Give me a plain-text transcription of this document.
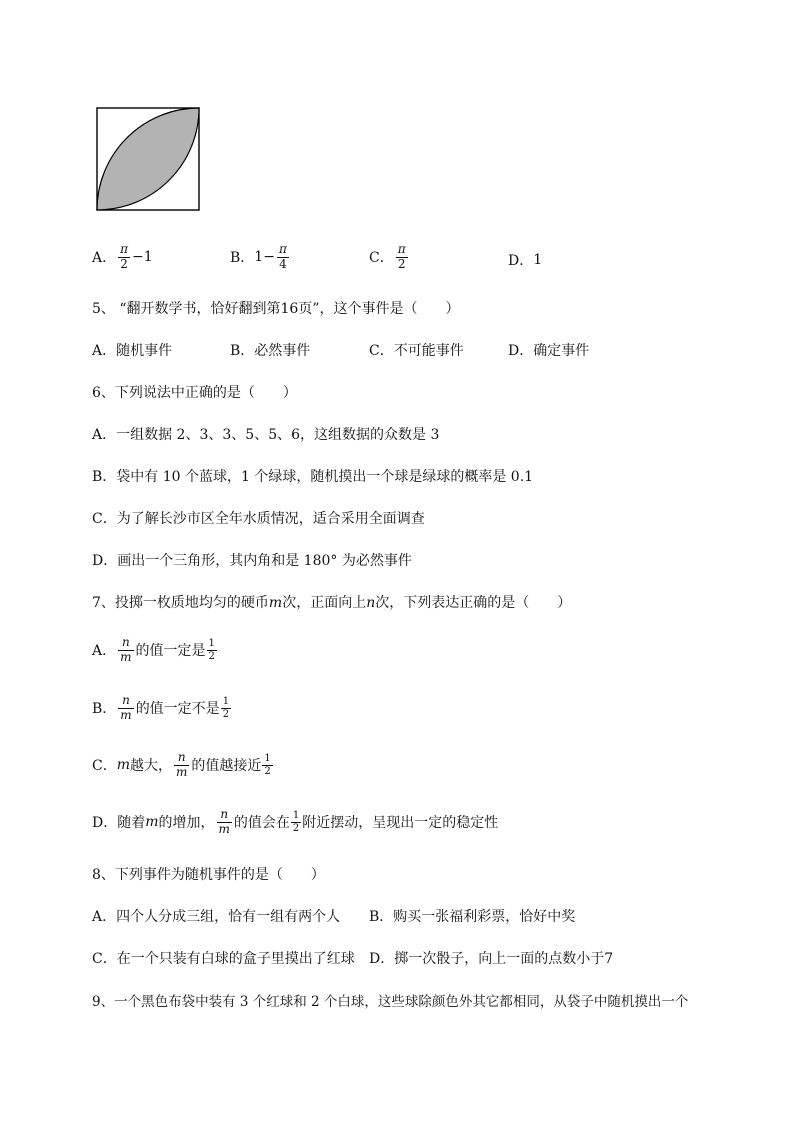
A． $\frac{\pi}{2} -1$	B． $1- \frac{\pi}{4}$	C． $\frac{\pi}{2}$	D． 1
5、 “翻开数学书，恰好翻到第16页”，这个事件是（　　）
A．随机事件	B．必然事件	C．不可能事件	D．确定事件
6、下列说法中正确的是（　　）
A．一组数据 2、3、3、5、5、6，这组数据的众数是 3
B．袋中有 10 个蓝球，1 个绿球，随机摸出一个球是绿球的概率是 0.1
C．为了解长沙市区全年水质情况，适合采用全面调查
D．画出一个三角形，其内角和是 180° 为必然事件
7、投掷一枚质地均匀的硬币m次，正面向上n次，下列表达正确的是（　　）
A． $\frac{n}{m}$ 的值一定是 $\frac{1}{2}$
B． $\frac{n}{m}$ 的值一定不是 $\frac{1}{2}$
C． m 越大， $\frac{n}{m}$ 的值越接近 $\frac{1}{2}$
D． 随着 m 的增加， $\frac{n}{m}$ 的值会在 $\frac{1}{2}$ 附近摆动，呈现出一定的稳定性
8、下列事件为随机事件的是（　　）
A．四个人分成三组，恰有一组有两个人 B．购买一张福利彩票，恰好中奖
C．在一个只装有白球的盒子里摸出了红球 D．掷一次骰子，向上一面的点数小于7
9、一个黑色布袋中装有 3 个红球和 2 个白球，这些球除颜色外其它都相同，从袋子中随机摸出一个
